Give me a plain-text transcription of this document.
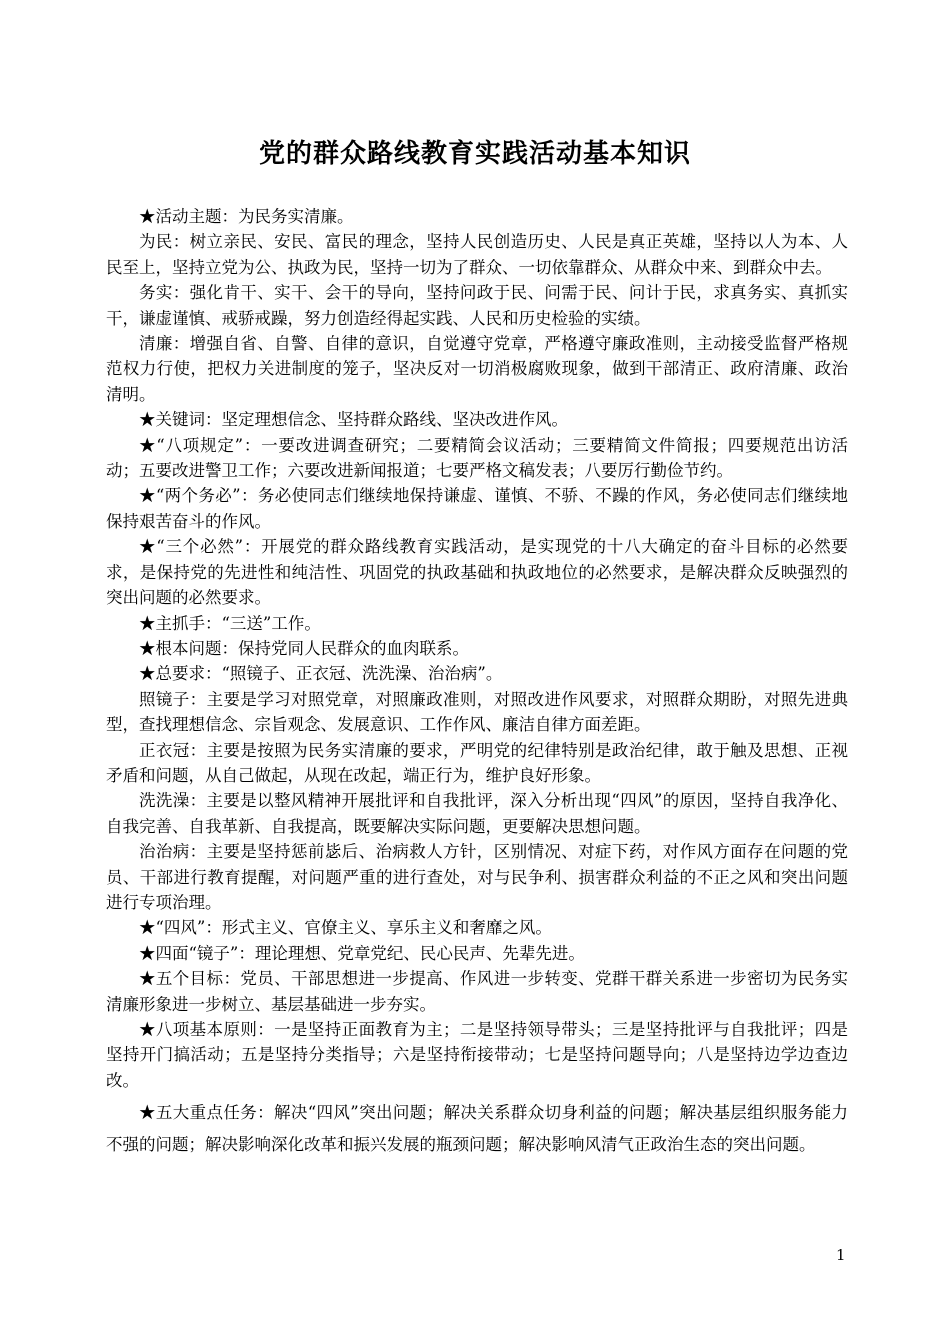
党的群众路线教育实践活动基本知识

★活动主题：为民务实清廉。

为民：树立亲民、安民、富民的理念，坚持人民创造历史、人民是真正英雄，坚持以人为本、人民至上，坚持立党为公、执政为民，坚持一切为了群众、一切依靠群众、从群众中来、到群众中去。

务实：强化肯干、实干、会干的导向，坚持问政于民、问需于民、问计于民，求真务实、真抓实干，谦虚谨慎、戒骄戒躁，努力创造经得起实践、人民和历史检验的实绩。

清廉：增强自省、自警、自律的意识，自觉遵守党章，严格遵守廉政准则，主动接受监督严格规范权力行使，把权力关进制度的笼子，坚决反对一切消极腐败现象，做到干部清正、政府清廉、政治清明。

★关键词：坚定理想信念、坚持群众路线、坚决改进作风。

★“八项规定”：一要改进调查研究；二要精简会议活动；三要精简文件简报；四要规范出访活动；五要改进警卫工作；六要改进新闻报道；七要严格文稿发表；八要厉行勤俭节约。

★“两个务必”：务必使同志们继续地保持谦虚、谨慎、不骄、不躁的作风，务必使同志们继续地保持艰苦奋斗的作风。

★“三个必然”：开展党的群众路线教育实践活动，是实现党的十八大确定的奋斗目标的必然要求，是保持党的先进性和纯洁性、巩固党的执政基础和执政地位的必然要求，是解决群众反映强烈的突出问题的必然要求。

★主抓手：“三送”工作。

★根本问题：保持党同人民群众的血肉联系。

★总要求：“照镜子、正衣冠、洗洗澡、治治病”。

照镜子：主要是学习对照党章，对照廉政准则，对照改进作风要求，对照群众期盼，对照先进典型，查找理想信念、宗旨观念、发展意识、工作作风、廉洁自律方面差距。

正衣冠：主要是按照为民务实清廉的要求，严明党的纪律特别是政治纪律，敢于触及思想、正视矛盾和问题，从自己做起，从现在改起，端正行为，维护良好形象。

洗洗澡：主要是以整风精神开展批评和自我批评，深入分析出现“四风”的原因，坚持自我净化、自我完善、自我革新、自我提高，既要解决实际问题，更要解决思想问题。

治治病：主要是坚持惩前毖后、治病救人方针，区别情况、对症下药，对作风方面存在问题的党员、干部进行教育提醒，对问题严重的进行查处，对与民争利、损害群众利益的不正之风和突出问题进行专项治理。

★“四风”：形式主义、官僚主义、享乐主义和奢靡之风。

★四面“镜子”：理论理想、党章党纪、民心民声、先辈先进。

★五个目标：党员、干部思想进一步提高、作风进一步转变、党群干群关系进一步密切为民务实清廉形象进一步树立、基层基础进一步夯实。

★八项基本原则：一是坚持正面教育为主；二是坚持领导带头；三是坚持批评与自我批评；四是坚持开门搞活动；五是坚持分类指导；六是坚持衔接带动；七是坚持问题导向；八是坚持边学边查边改。

★五大重点任务：解决“四风”突出问题；解决关系群众切身利益的问题；解决基层组织服务能力不强的问题；解决影响深化改革和振兴发展的瓶颈问题；解决影响风清气正政治生态的突出问题。

1
